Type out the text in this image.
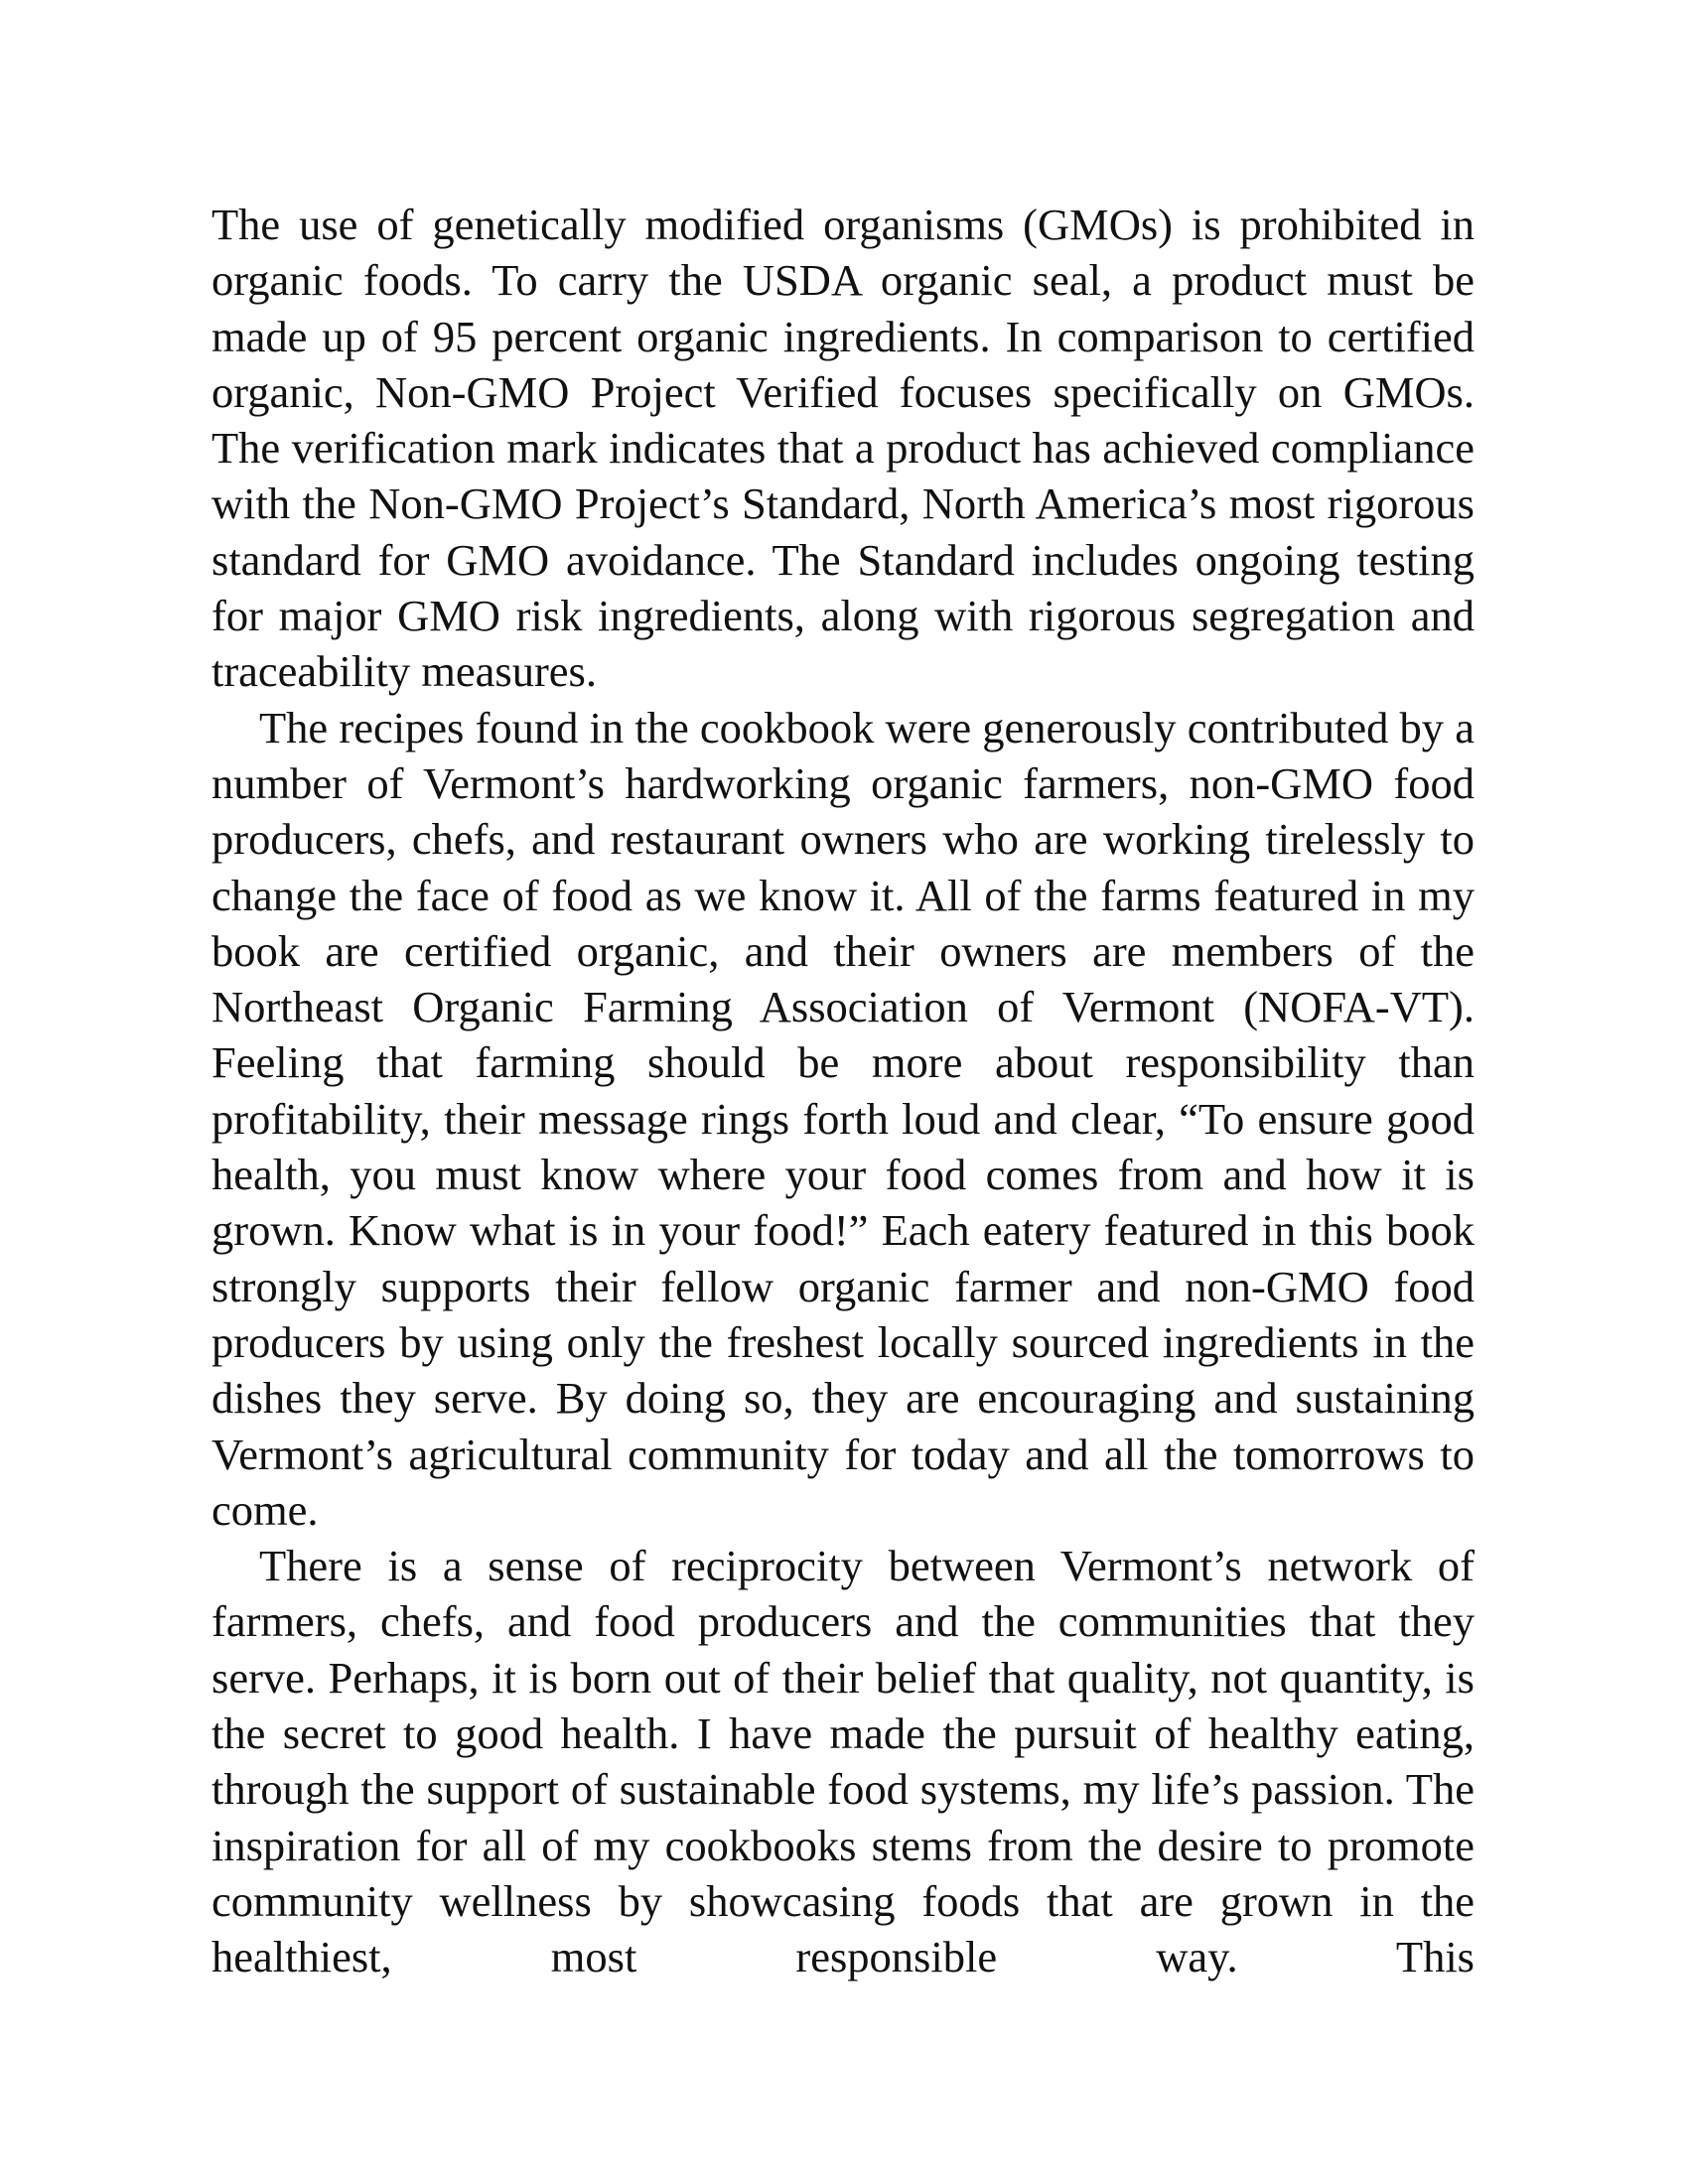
The use of genetically modified organisms (GMOs) is prohibited in organic foods. To carry the USDA organic seal, a product must be made up of 95 percent organic ingredients. In comparison to certified organic, Non-GMO Project Verified focuses specifically on GMOs. The verification mark indicates that a product has achieved compliance with the Non-GMO Project’s Standard, North America’s most rigorous standard for GMO avoidance. The Standard includes ongoing testing for major GMO risk ingredients, along with rigorous segregation and traceability measures.

The recipes found in the cookbook were generously contributed by a number of Vermont’s hardworking organic farmers, non-GMO food producers, chefs, and restaurant owners who are working tirelessly to change the face of food as we know it. All of the farms featured in my book are certified organic, and their owners are members of the Northeast Organic Farming Association of Vermont (NOFA-VT). Feeling that farming should be more about responsibility than profitability, their message rings forth loud and clear, “To ensure good health, you must know where your food comes from and how it is grown. Know what is in your food!” Each eatery featured in this book strongly supports their fellow organic farmer and non-GMO food producers by using only the freshest locally sourced ingredients in the dishes they serve. By doing so, they are encouraging and sustaining Vermont’s agricultural community for today and all the tomorrows to come.

There is a sense of reciprocity between Vermont’s network of farmers, chefs, and food producers and the communities that they serve. Perhaps, it is born out of their belief that quality, not quantity, is the secret to good health. I have made the pursuit of healthy eating, through the support of sustainable food systems, my life’s passion. The inspiration for all of my cookbooks stems from the desire to promote community wellness by showcasing foods that are grown in the healthiest, most responsible way. This
